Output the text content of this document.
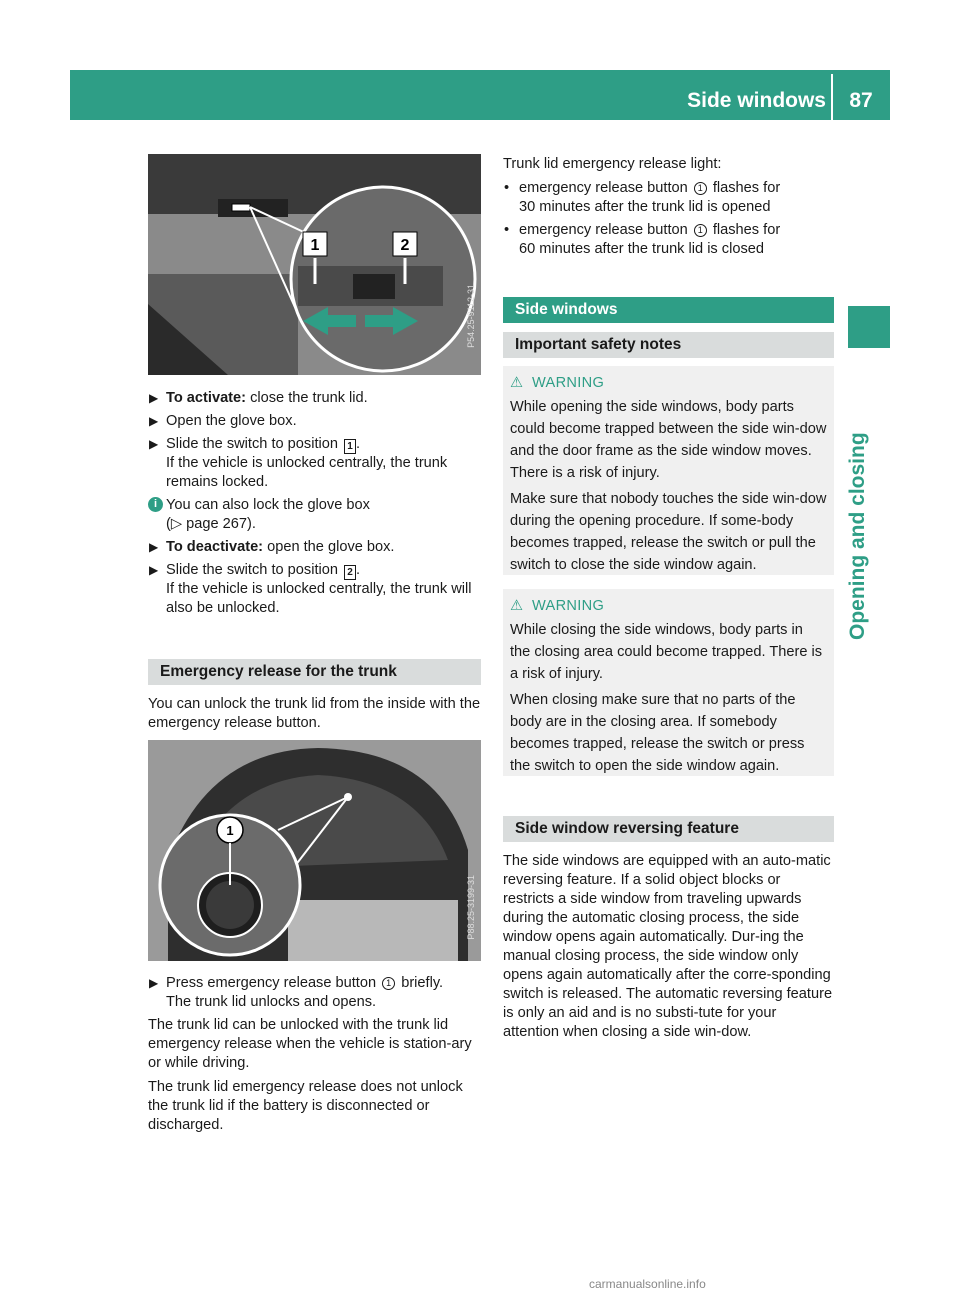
Side windows	87
Opening and closing
1	2
P54.25-9112-31
▶ To activate: close the trunk lid.
▶ Open the glove box.
▶ Slide the switch to position 1 .
If the vehicle is unlocked centrally, the trunk remains locked.
i You can also lock the glove box
(▷ page 267).
▶ To deactivate: open the glove box.
▶ Slide the switch to position 2 .
If the vehicle is unlocked centrally, the trunk will also be unlocked.
Emergency release for the trunk
You can unlock the trunk lid from the inside with the emergency release button.
1
P88.25-3199-31
▶ Press emergency release button 1 briefly.
The trunk lid unlocks and opens.

The trunk lid can be unlocked with the trunk lid emergency release when the vehicle is station-ary or while driving.

The trunk lid emergency release does not unlock the trunk lid if the battery is disconnected or discharged.

Trunk lid emergency release light:
• emergency release button 1 flashes for
30 minutes after the trunk lid is opened
• emergency release button 1 flashes for
60 minutes after the trunk lid is closed
Side windows
Important safety notes
⚠ WARNING

While opening the side windows, body parts could become trapped between the side win-dow and the door frame as the side window moves. There is a risk of injury.

Make sure that nobody touches the side win-dow during the opening procedure. If some-body becomes trapped, release the switch or pull the switch to close the side window again.

⚠ WARNING

While closing the side windows, body parts in the closing area could become trapped. There is a risk of injury.

When closing make sure that no parts of the body are in the closing area. If somebody becomes trapped, release the switch or press the switch to open the side window again.

Side window reversing feature
The side windows are equipped with an auto-matic reversing feature. If a solid object blocks or restricts a side window from traveling upwards during the automatic closing process, the side window opens again automatically. Dur-ing the manual closing process, the side window only opens again automatically after the corre-sponding switch is released. The automatic reversing feature is only an aid and is no substi-tute for your attention when closing a side win-dow.
carmanualsonline.info
